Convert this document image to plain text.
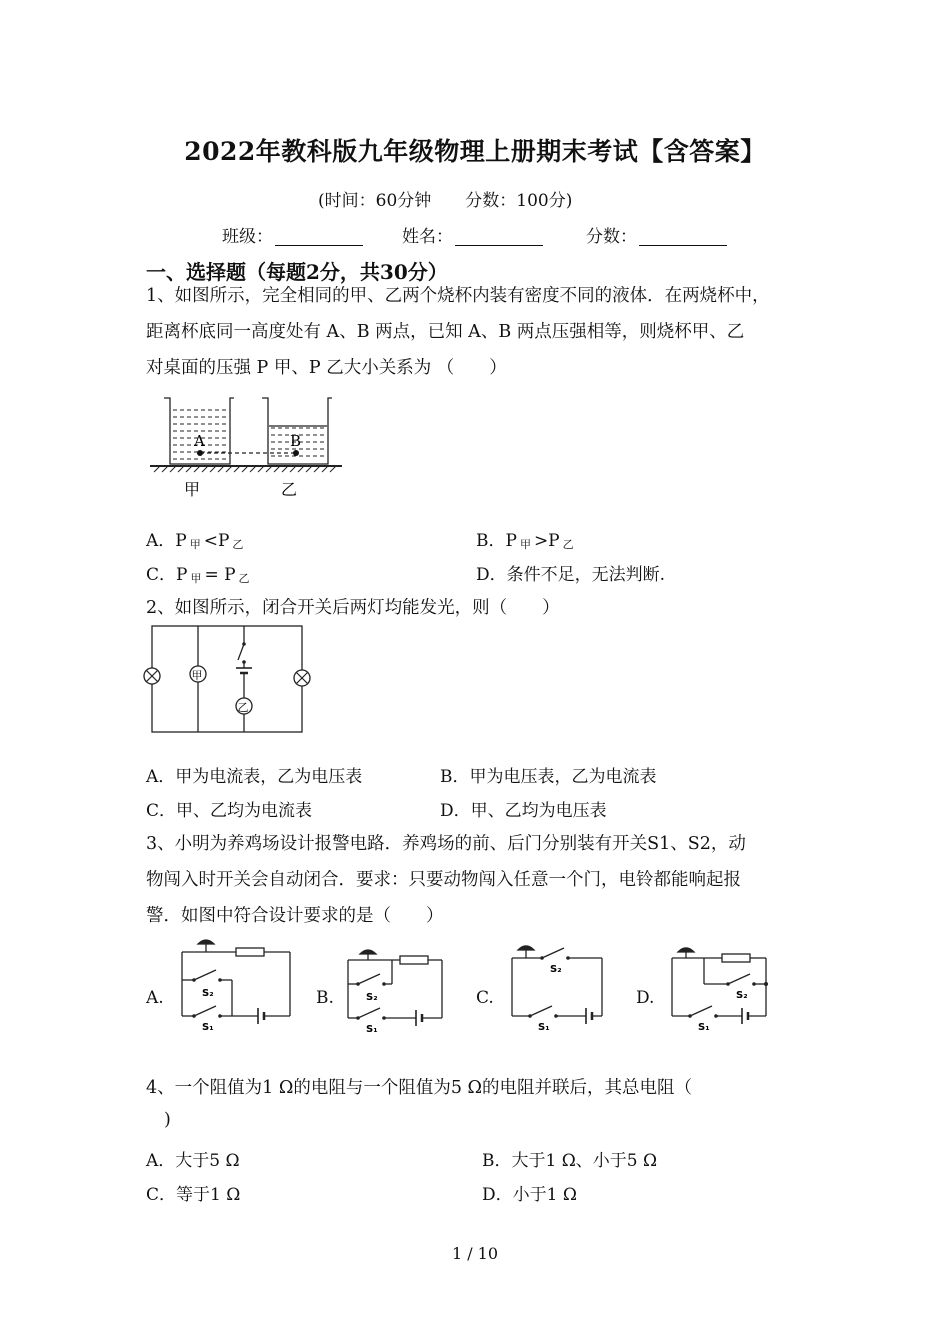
2022年教科版九年级物理上册期末考试【含答案】
(时间：60分钟　　分数：100分)
班级：	姓名：	分数：
一、选择题（每题2分，共30分）
1、如图所示，完全相同的甲、乙两个烧杯内装有密度不同的液体．在两烧杯中，
距离杯底同一高度处有 A、B 两点，已知 A、B 两点压强相等，则烧杯甲、乙
对桌面的压强 P 甲、P 乙大小关系为 （　　）
A	B
甲	乙
A．P 甲 <P 乙	B．P 甲 >P 乙
C．P 甲 = P 乙	D．条件不足，无法判断.
2、如图所示，闭合开关后两灯均能发光，则（　　）
甲
乙
A．甲为电流表，乙为电压表	B．甲为电压表，乙为电流表
C．甲、乙均为电流表	D．甲、乙均为电压表
3、小明为养鸡场设计报警电路．养鸡场的前、后门分别装有开关S1、S2，动
物闯入时开关会自动闭合．要求：只要动物闯入任意一个门，电铃都能响起报
警．如图中符合设计要求的是（　　）
A.	B.	C.	D.
S₂
S₁
S₂
S₁
S₂
S₁
S₂
S₁
4、一个阻值为1 Ω的电阻与一个阻值为5 Ω的电阻并联后，其总电阻（
)
A．大于5 Ω	B．大于1 Ω、小于5 Ω
C．等于1 Ω	D．小于1 Ω
1 / 10
